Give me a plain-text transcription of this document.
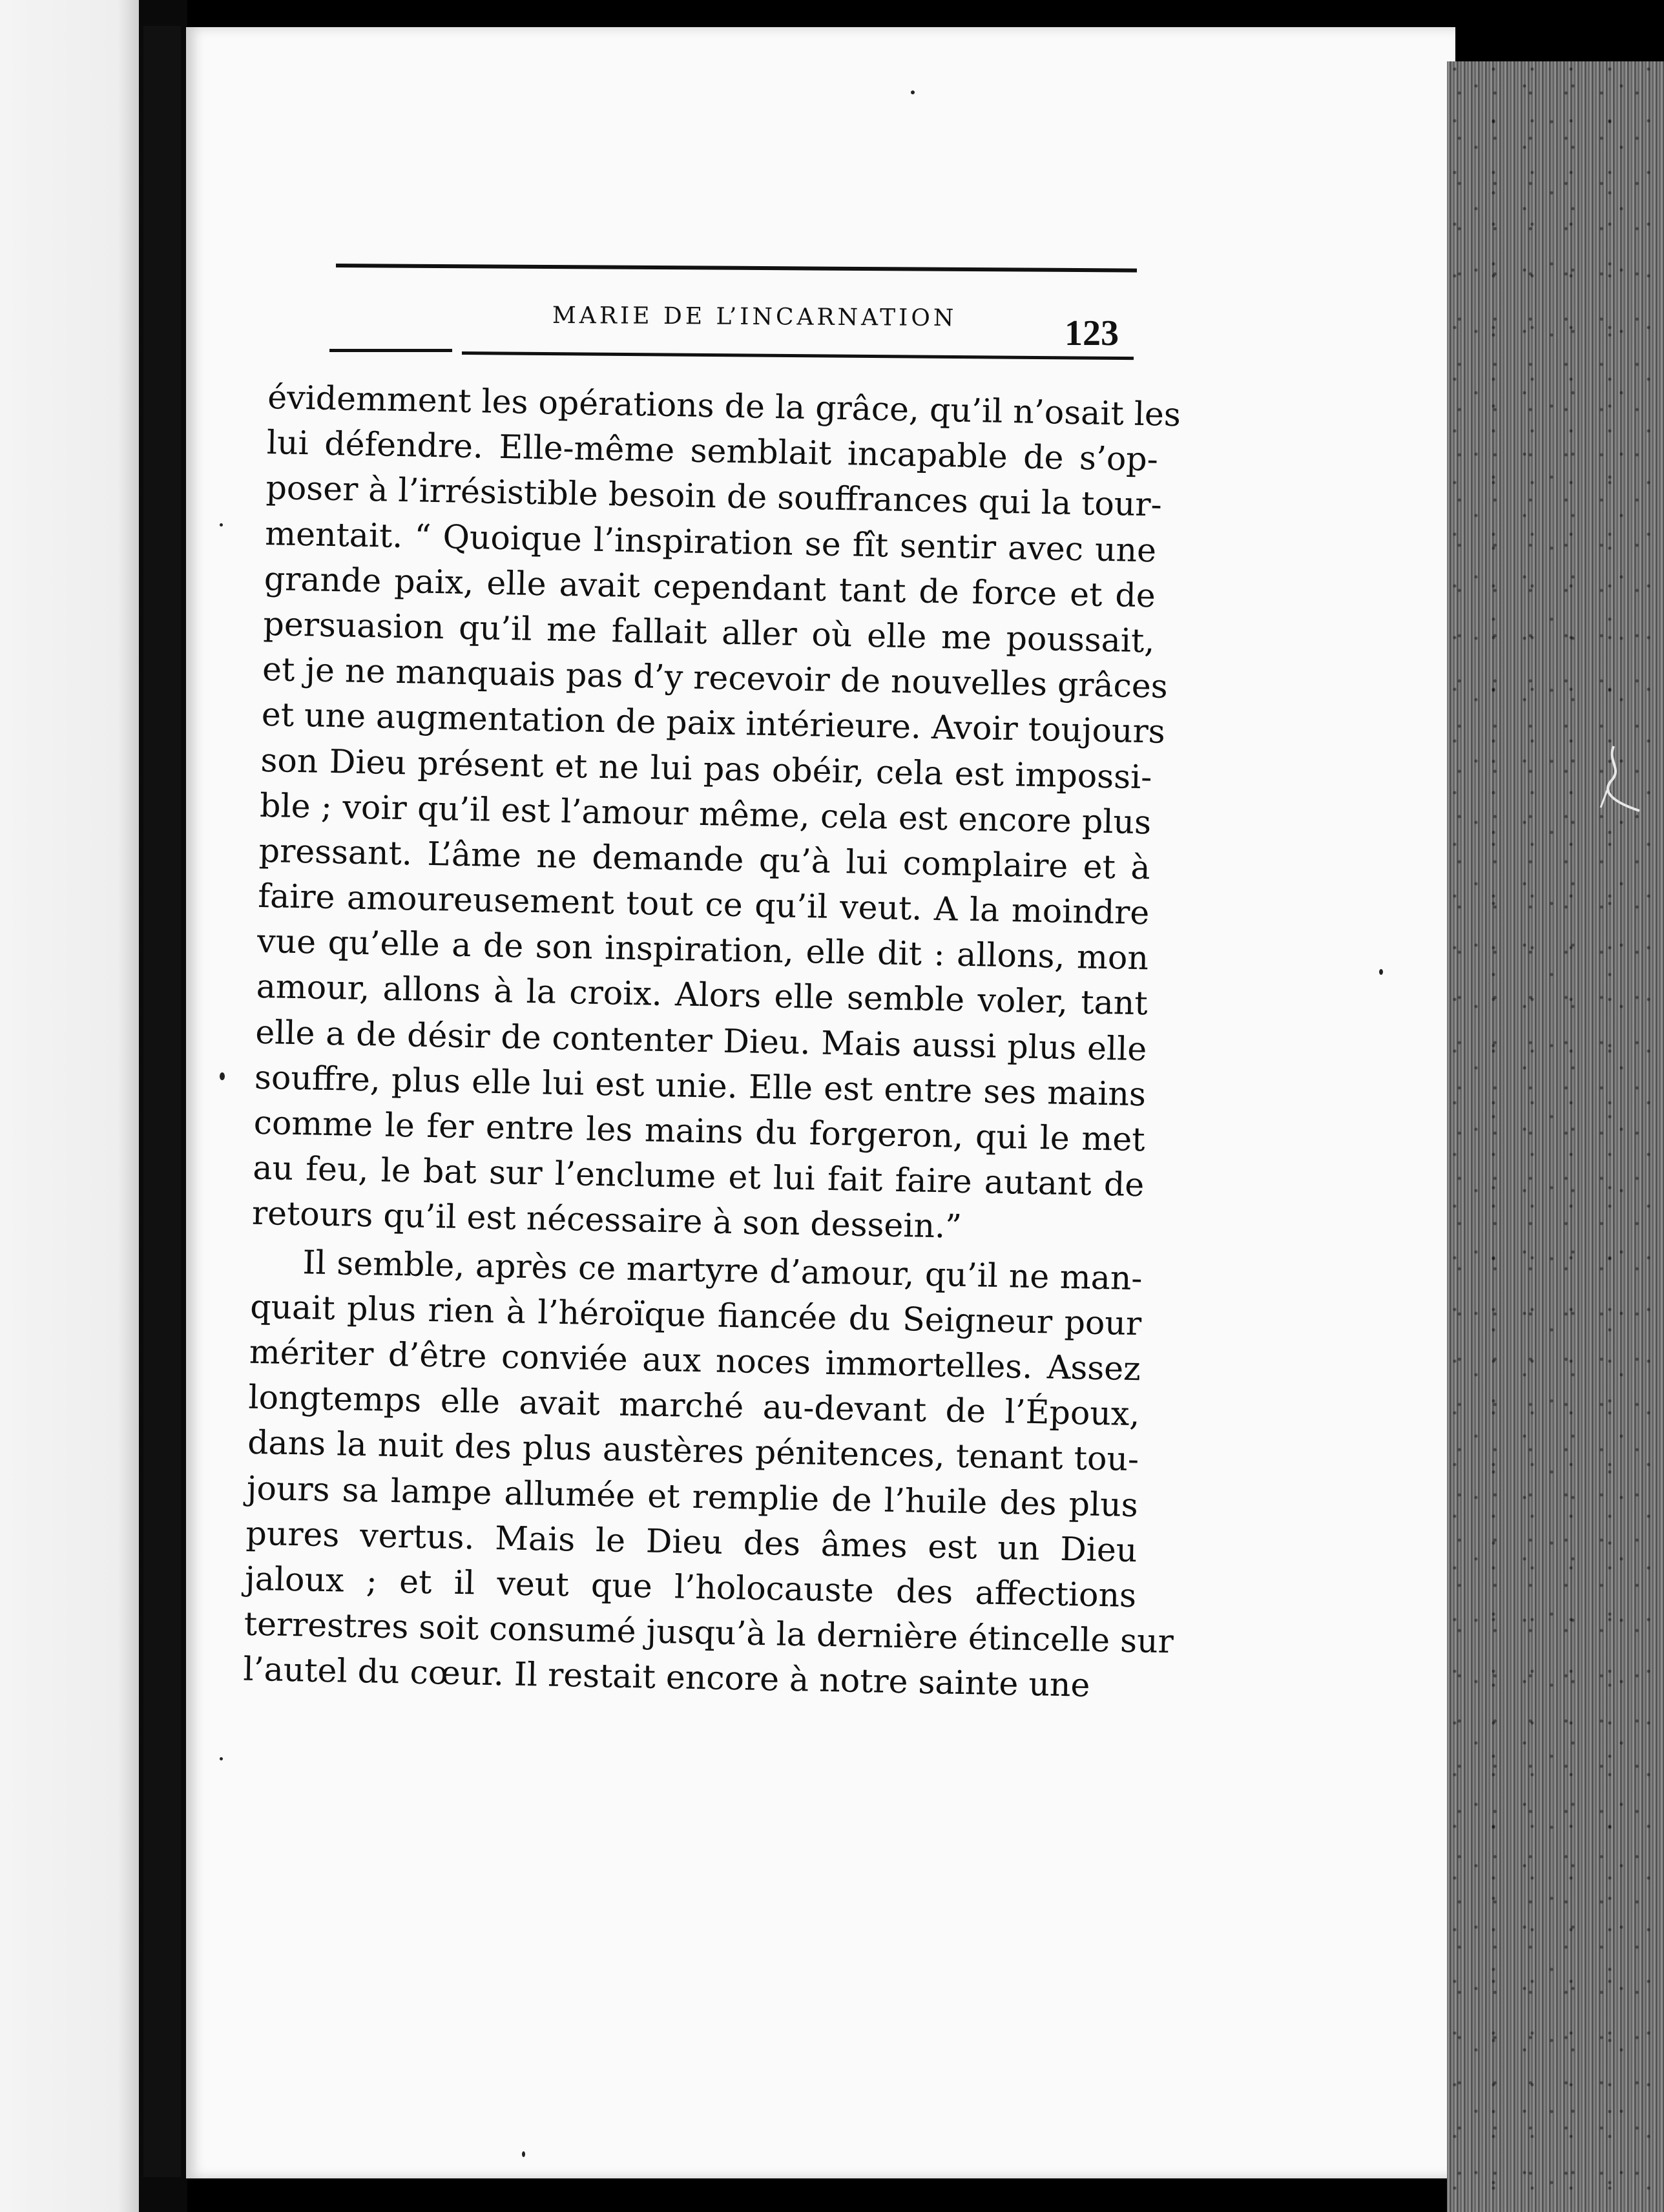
MARIE DE L’INCARNATION	123
évidemment les opérations de la grâce, qu’il n’osait les
lui défendre. Elle-même semblait incapable de s’op-
poser à l’irrésistible besoin de souffrances qui la tour-
mentait. “ Quoique l’inspiration se fît sentir avec une
grande paix, elle avait cependant tant de force et de
persuasion qu’il me fallait aller où elle me poussait,
et je ne manquais pas d’y recevoir de nouvelles grâces
et une augmentation de paix intérieure. Avoir toujours
son Dieu présent et ne lui pas obéir, cela est impossi-
ble ; voir qu’il est l’amour même, cela est encore plus
pressant. L’âme ne demande qu’à lui complaire et à
faire amoureusement tout ce qu’il veut. A la moindre
vue qu’elle a de son inspiration, elle dit : allons, mon
amour, allons à la croix. Alors elle semble voler, tant
elle a de désir de contenter Dieu. Mais aussi plus elle
souffre, plus elle lui est unie. Elle est entre ses mains
comme le fer entre les mains du forgeron, qui le met
au feu, le bat sur l’enclume et lui fait faire autant de
retours qu’il est nécessaire à son dessein.”
Il semble, après ce martyre d’amour, qu’il ne man-
quait plus rien à l’héroïque fiancée du Seigneur pour
mériter d’être conviée aux noces immortelles. Assez
longtemps elle avait marché au-devant de l’Époux,
dans la nuit des plus austères pénitences, tenant tou-
jours sa lampe allumée et remplie de l’huile des plus
pures vertus. Mais le Dieu des âmes est un Dieu
jaloux ; et il veut que l’holocauste des affections
terrestres soit consumé jusqu’à la dernière étincelle sur
l’autel du cœur. Il restait encore à notre sainte une
